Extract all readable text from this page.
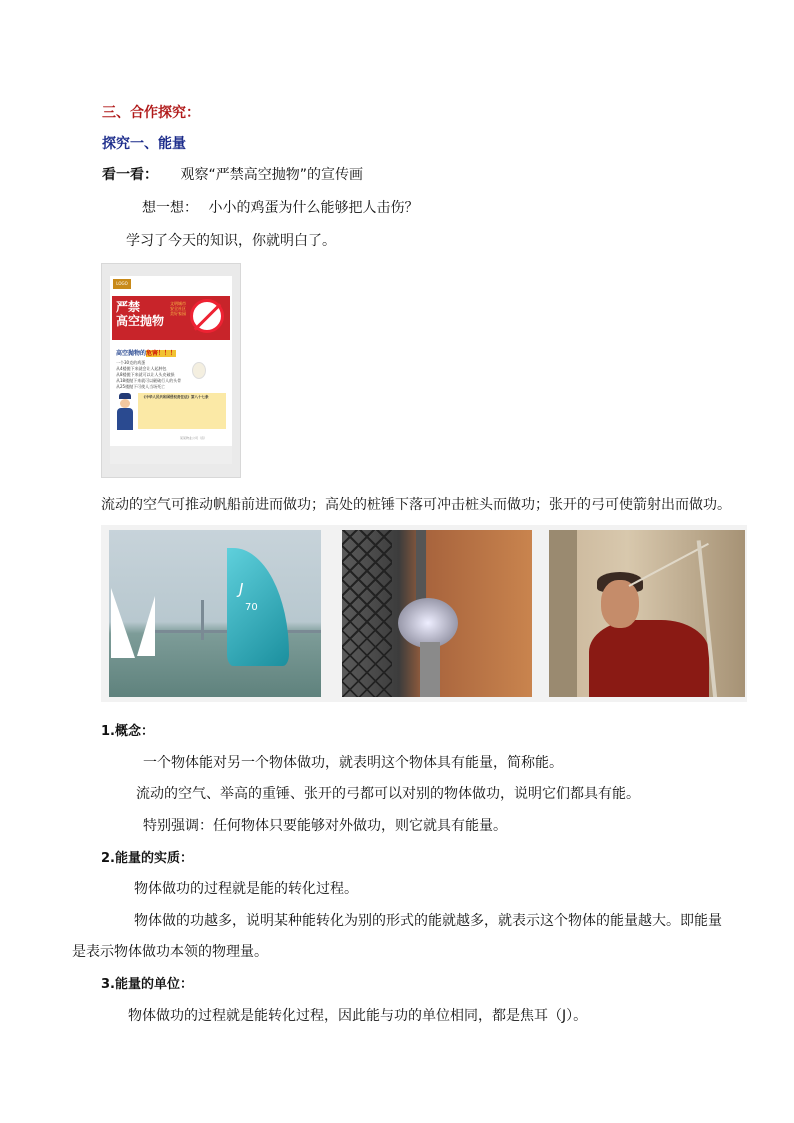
三、合作探究：
探究一、能量
看一看： 观察“严禁高空抛物”的宣传画
想一想： 小小的鸡蛋为什么能够把人击伤？
学习了今天的知识，你就明白了。
LOGO
严禁
高空抛物
文明城市
安全社区
美好家园
高空抛物的危害！！！
一个30克的鸡蛋
从4楼抛下来就会让人起肿包
从8楼抛下来就可以让人头皮破损
从18楼抛下来就可以砸破行人的头骨
从25楼抛下可使人当场死亡
《中华人民共和国侵权责任法》第八十七条
某某物业公司（宣）
流动的空气可推动帆船前进而做功；高处的桩锤下落可冲击桩头而做功；张开的弓可使箭射出而做功。
J
70
1.概念：
一个物体能对另一个物体做功，就表明这个物体具有能量，简称能。
流动的空气、举高的重锤、张开的弓都可以对别的物体做功，说明它们都具有能。
特别强调：任何物体只要能够对外做功，则它就具有能量。
2.能量的实质：
物体做功的过程就是能的转化过程。
物体做的功越多，说明某种能转化为别的形式的能就越多，就表示这个物体的能量越大。即能量
是表示物体做功本领的物理量。
3.能量的单位：
物体做功的过程就是能转化过程，因此能与功的单位相同，都是焦耳（J）。
